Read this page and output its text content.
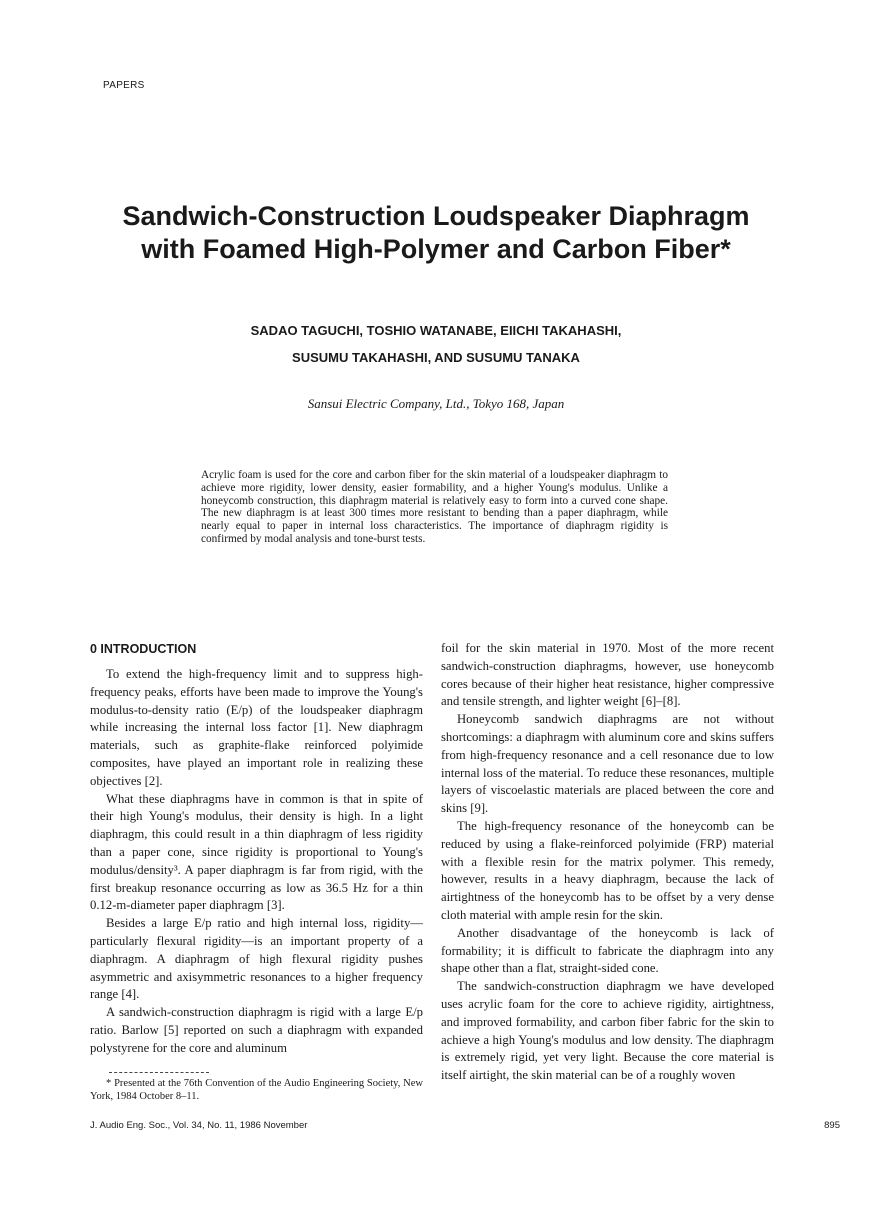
PAPERS
Sandwich-Construction Loudspeaker Diaphragm
with Foamed High-Polymer and Carbon Fiber*
SADAO TAGUCHI, TOSHIO WATANABE, EIICHI TAKAHASHI,
SUSUMU TAKAHASHI, AND SUSUMU TANAKA
Sansui Electric Company, Ltd., Tokyo 168, Japan
Acrylic foam is used for the core and carbon fiber for the skin material of a loudspeaker diaphragm to achieve more rigidity, lower density, easier formability, and a higher Young's modulus. Unlike a honeycomb construction, this diaphragm material is relatively easy to form into a curved cone shape. The new diaphragm is at least 300 times more resistant to bending than a paper diaphragm, while nearly equal to paper in internal loss characteristics. The importance of diaphragm rigidity is confirmed by modal analysis and tone-burst tests.
0 INTRODUCTION

To extend the high-frequency limit and to suppress high-frequency peaks, efforts have been made to improve the Young's modulus-to-density ratio (E/p) of the loudspeaker diaphragm while increasing the internal loss factor [1]. New diaphragm materials, such as graphite-flake reinforced polyimide composites, have played an important role in realizing these objectives [2].

What these diaphragms have in common is that in spite of their high Young's modulus, their density is high. In a light diaphragm, this could result in a thin diaphragm of less rigidity than a paper cone, since rigidity is proportional to Young's modulus/density³. A paper diaphragm is far from rigid, with the first breakup resonance occurring as low as 36.5 Hz for a thin 0.12-m-diameter paper diaphragm [3].

Besides a large E/p ratio and high internal loss, rigidity—particularly flexural rigidity—is an important property of a diaphragm. A diaphragm of high flexural rigidity pushes asymmetric and axisymmetric resonances to a higher frequency range [4].

A sandwich-construction diaphragm is rigid with a large E/p ratio. Barlow [5] reported on such a diaphragm with expanded polystyrene for the core and aluminum

* Presented at the 76th Convention of the Audio Engineering Society, New York, 1984 October 8–11.

foil for the skin material in 1970. Most of the more recent sandwich-construction diaphragms, however, use honeycomb cores because of their higher heat resistance, higher compressive and tensile strength, and lighter weight [6]–[8].

Honeycomb sandwich diaphragms are not without shortcomings: a diaphragm with aluminum core and skins suffers from high-frequency resonance and a cell resonance due to low internal loss of the material. To reduce these resonances, multiple layers of viscoelastic materials are placed between the core and skins [9].

The high-frequency resonance of the honeycomb can be reduced by using a flake-reinforced polyimide (FRP) material with a flexible resin for the matrix polymer. This remedy, however, results in a heavy diaphragm, because the lack of airtightness of the honeycomb has to be offset by a very dense cloth material with ample resin for the skin.

Another disadvantage of the honeycomb is lack of formability; it is difficult to fabricate the diaphragm into any shape other than a flat, straight-sided cone.

The sandwich-construction diaphragm we have developed uses acrylic foam for the core to achieve rigidity, airtightness, and improved formability, and carbon fiber fabric for the skin to achieve a high Young's modulus and low density. The diaphragm is extremely rigid, yet very light. Because the core material is itself airtight, the skin material can be of a roughly woven

J. Audio Eng. Soc., Vol. 34, No. 11, 1986 November	895
